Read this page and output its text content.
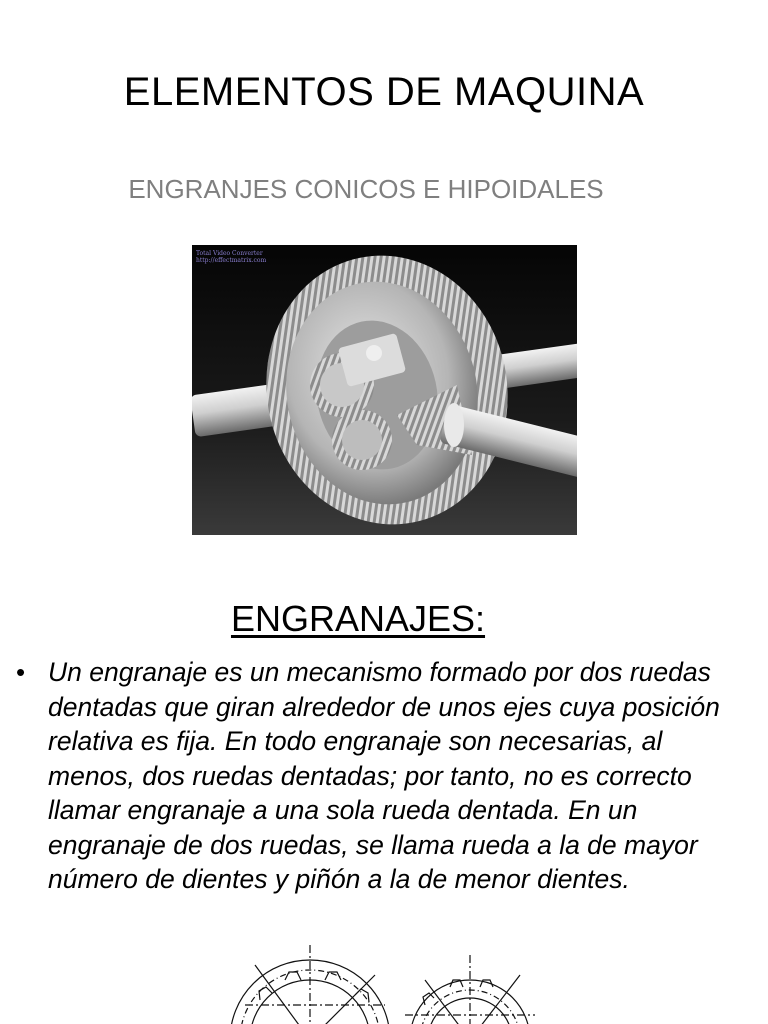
ELEMENTOS DE MAQUINA
ENGRANJES CONICOS E HIPOIDALES
Total Video Converter
http://effectmatrix.com
ENGRANAJES:
• Un engranaje es un mecanismo formado por dos ruedas dentadas que giran alrededor de unos ejes cuya posición relativa es fija. En todo engranaje son necesarias, al menos, dos ruedas dentadas; por tanto, no es correcto llamar engranaje a una sola rueda dentada. En un engranaje de dos ruedas, se llama rueda a la de mayor número de dientes y piñón a la de menor dientes.
